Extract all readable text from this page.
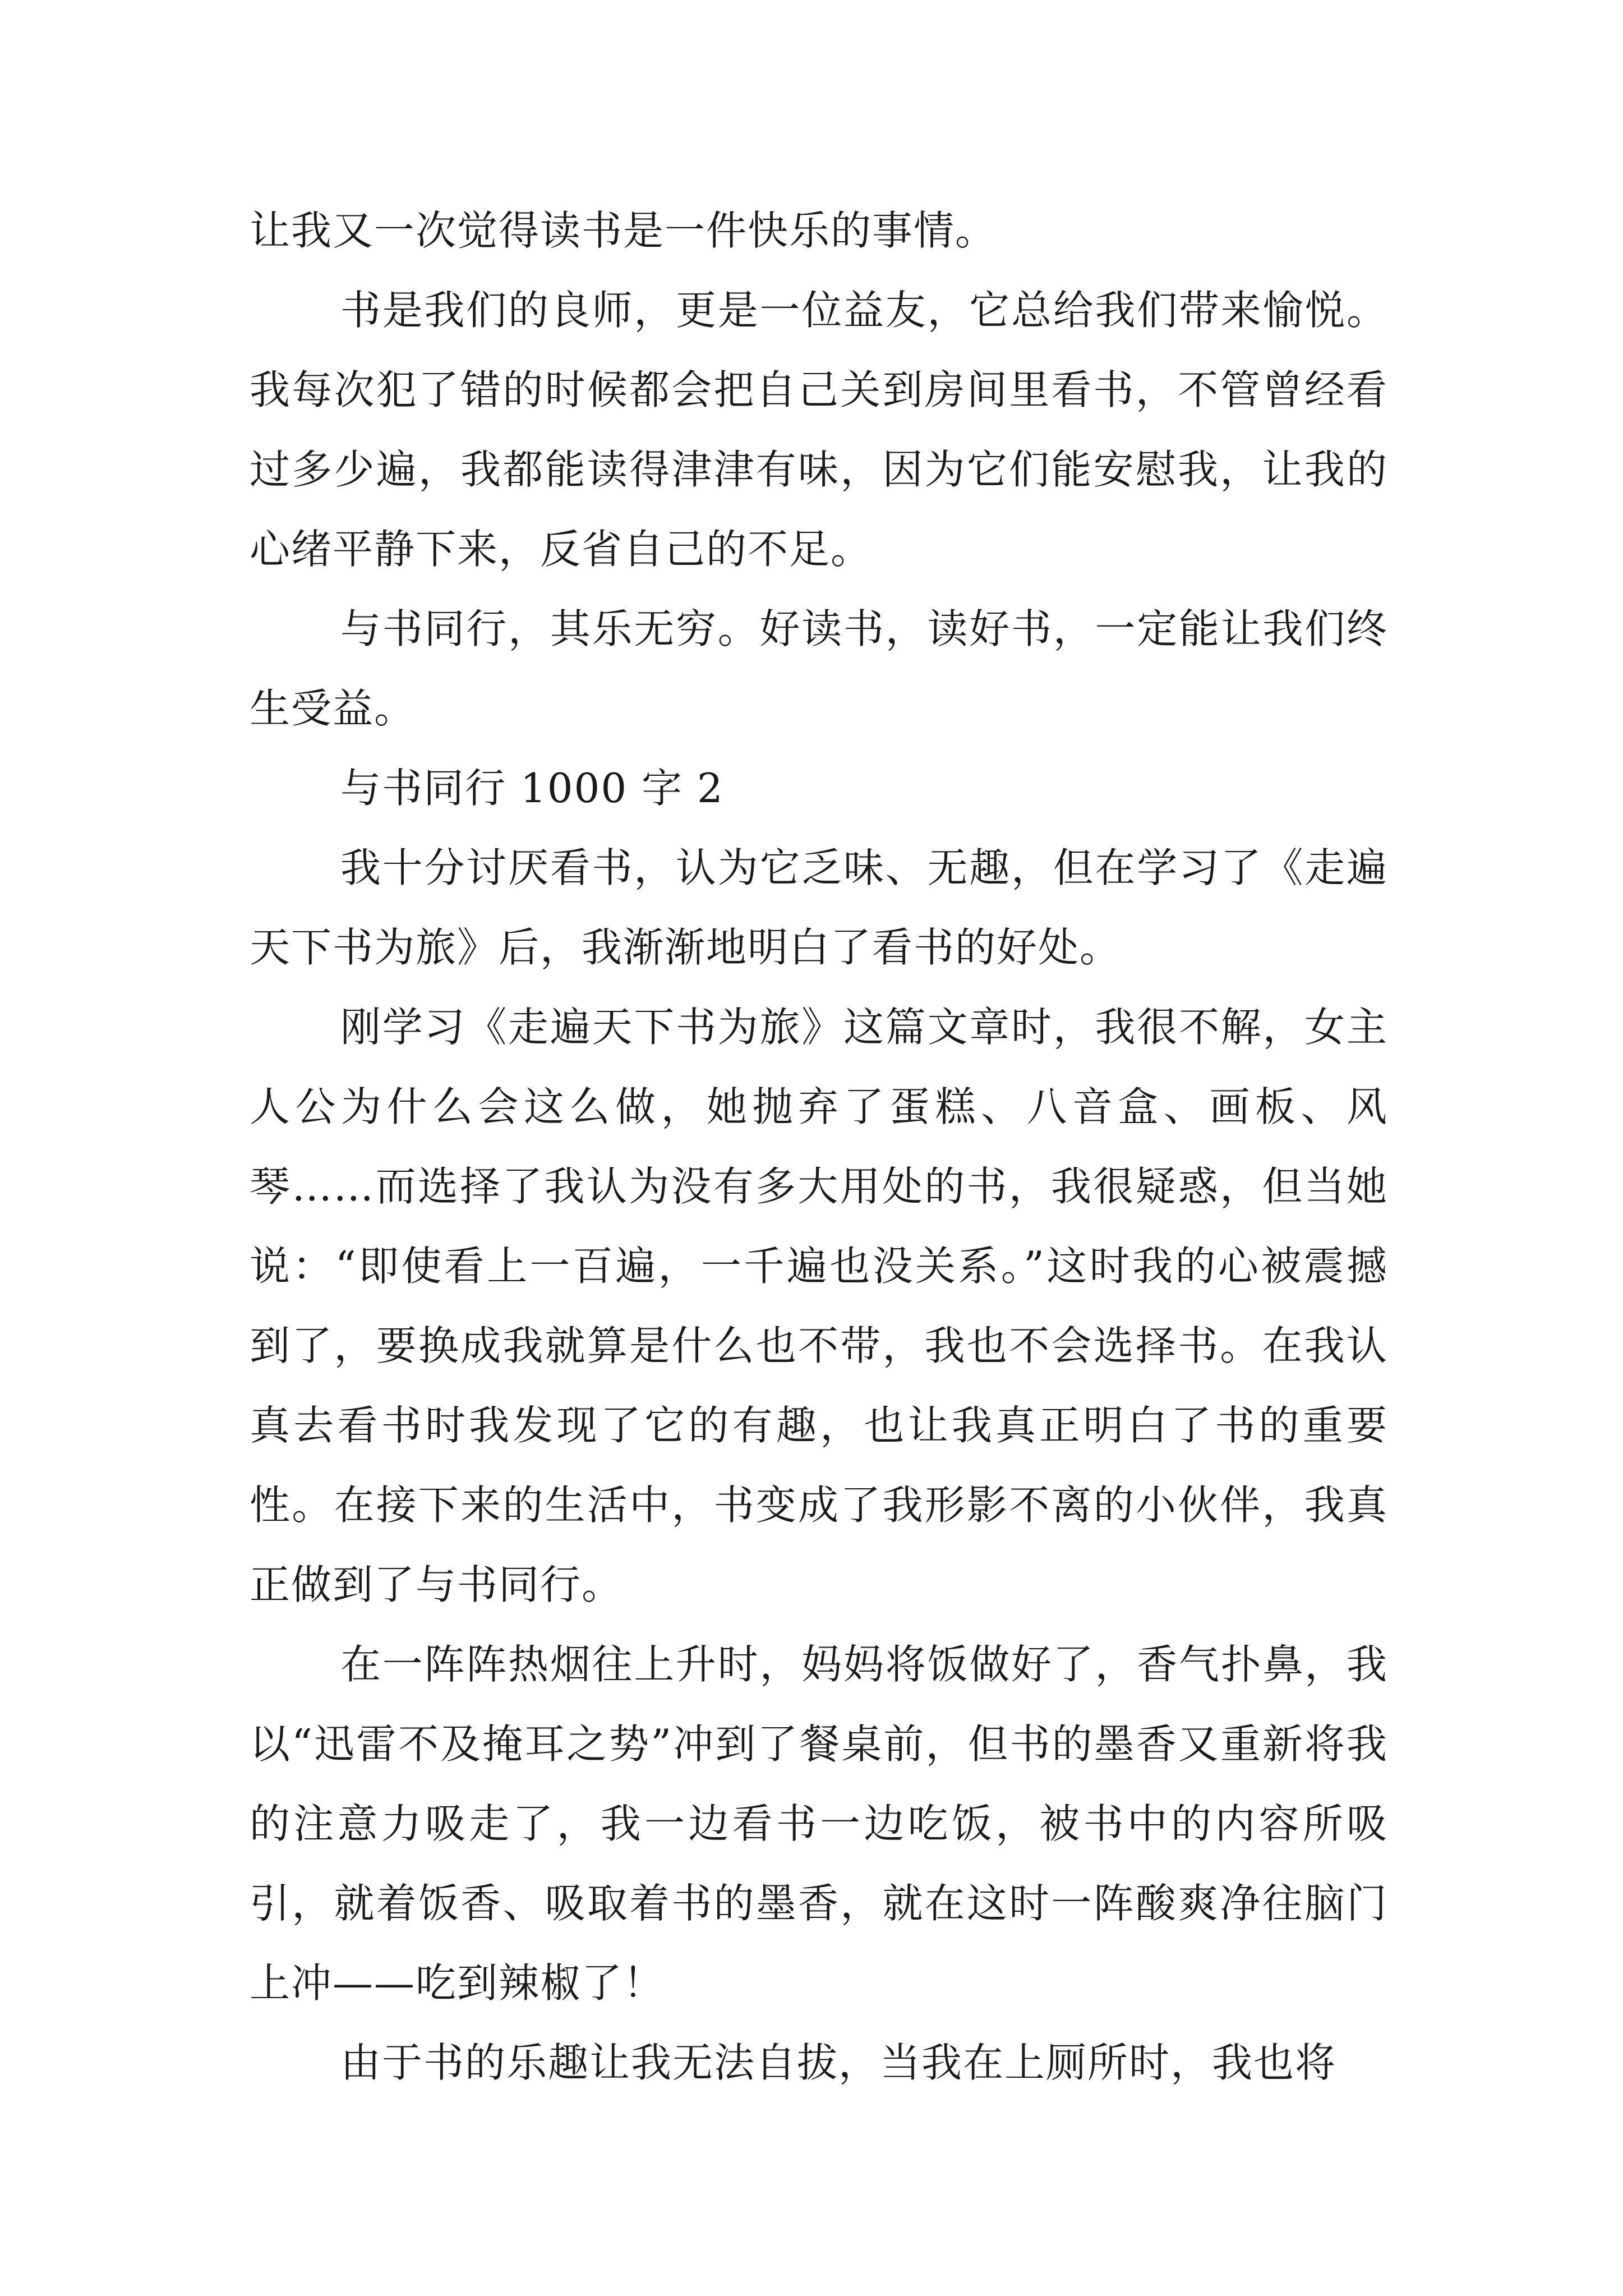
让我又一次觉得读书是一件快乐的事情。

书是我们的良师，更是一位益友，它总给我们带来愉悦。我每次犯了错的时候都会把自己关到房间里看书，不管曾经看过多少遍，我都能读得津津有味，因为它们能安慰我，让我的心绪平静下来，反省自己的不足。

与书同行，其乐无穷。好读书，读好书，一定能让我们终生受益。

与书同行 1000 字 2

我十分讨厌看书，认为它乏味、无趣，但在学习了《走遍天下书为旅》后，我渐渐地明白了看书的好处。

刚学习《走遍天下书为旅》这篇文章时，我很不解，女主人公为什么会这么做，她抛弃了蛋糕、八音盒、画板、风琴……而选择了我认为没有多大用处的书，我很疑惑，但当她说：“即使看上一百遍，一千遍也没关系。”这时我的心被震撼到了，要换成我就算是什么也不带，我也不会选择书。在我认真去看书时我发现了它的有趣，也让我真正明白了书的重要性。在接下来的生活中，书变成了我形影不离的小伙伴，我真正做到了与书同行。

在一阵阵热烟往上升时，妈妈将饭做好了，香气扑鼻，我以“迅雷不及掩耳之势”冲到了餐桌前，但书的墨香又重新将我的注意力吸走了，我一边看书一边吃饭，被书中的内容所吸引，就着饭香、吸取着书的墨香，就在这时一阵酸爽净往脑门上冲——吃到辣椒了！

由于书的乐趣让我无法自拔，当我在上厕所时，我也将
